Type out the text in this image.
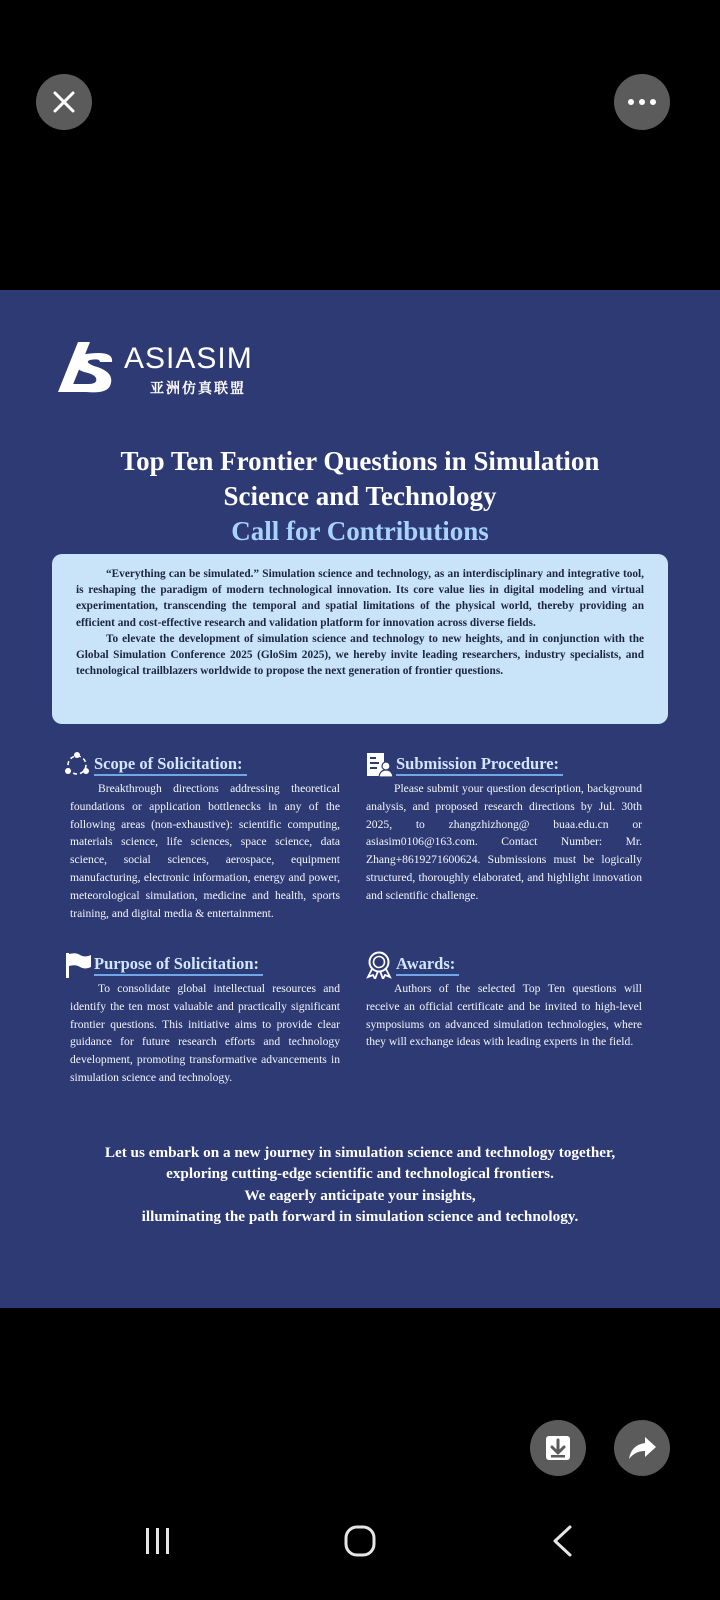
ASIASIM
亚洲仿真联盟
Top Ten Frontier Questions in Simulation
Science and Technology
Call for Contributions

“Everything can be simulated.” Simulation science and technology, as an interdisciplinary and integrative tool, is reshaping the paradigm of modern technological innovation. Its core value lies in digital modeling and virtual experimentation, transcending the temporal and spatial limitations of the physical world, thereby providing an efficient and cost-effective research and validation platform for innovation across diverse fields.

To elevate the development of simulation science and technology to new heights, and in conjunction with the Global Simulation Conference 2025 (GloSim 2025), we hereby invite leading researchers, industry specialists, and technological trailblazers worldwide to propose the next generation of frontier questions.

Scope of Solicitation:
Breakthrough directions addressing theoretical foundations or application bottlenecks in any of the following areas (non-exhaustive): scientific computing, materials science, life sciences, space science, data science, social sciences, aerospace, equipment manufacturing, electronic information, energy and power, meteorological simulation, medicine and health, sports training, and digital media & entertainment.
Submission Procedure:
Please submit your question description, background analysis, and proposed research directions by Jul. 30th 2025, to zhangzhizhong@ buaa.edu.cn or asiasim0106@163.com. Contact Number: Mr. Zhang+8619271600624. Submissions must be logically structured, thoroughly elaborated, and highlight innovation and scientific challenge.
Purpose of Solicitation:
To consolidate global intellectual resources and identify the ten most valuable and practically significant frontier questions. This initiative aims to provide clear guidance for future research efforts and technology development, promoting transformative advancements in simulation science and technology.
Awards:
Authors of the selected Top Ten questions will receive an official certificate and be invited to high-level symposiums on advanced simulation technologies, where they will exchange ideas with leading experts in the field.
Let us embark on a new journey in simulation science and technology together,
exploring cutting-edge scientific and technological frontiers.
We eagerly anticipate your insights,
illuminating the path forward in simulation science and technology.
